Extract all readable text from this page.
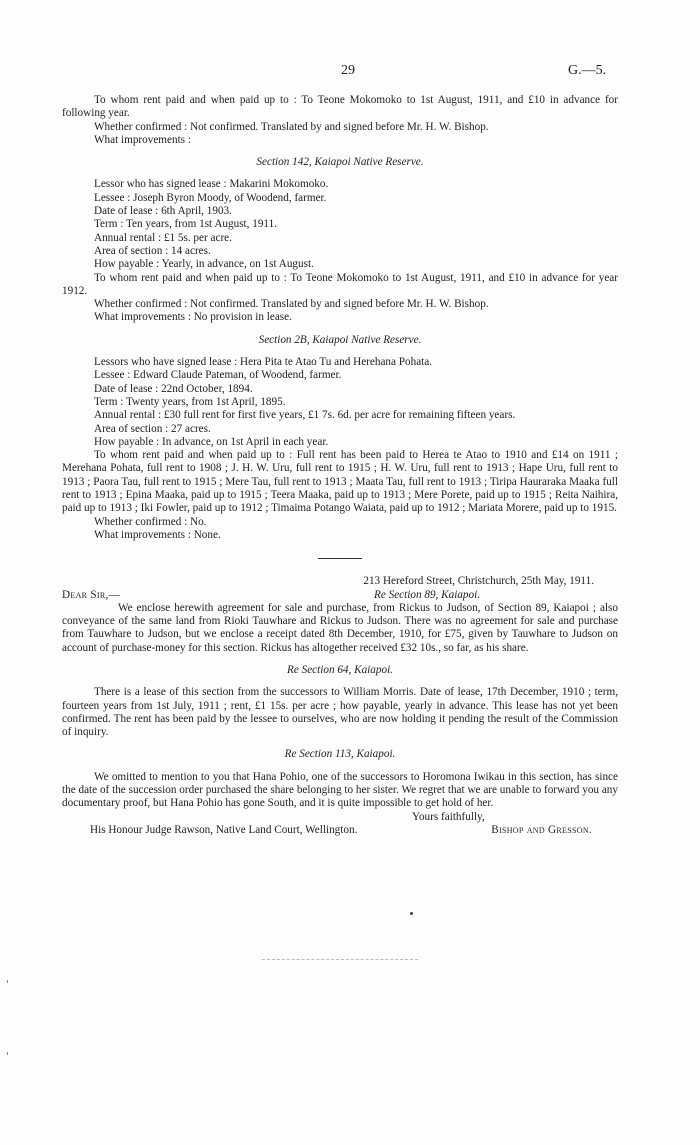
29	G.—5.

To whom rent paid and when paid up to : To Teone Mokomoko to 1st August, 1911, and £10 in advance for following year.

Whether confirmed : Not confirmed. Translated by and signed before Mr. H. W. Bishop.

What improvements :

Section 142, Kaiapoi Native Reserve.

Lessor who has signed lease : Makarini Mokomoko.

Lessee : Joseph Byron Moody, of Woodend, farmer.

Date of lease : 6th April, 1903.

Term : Ten years, from 1st August, 1911.

Annual rental : £1 5s. per acre.

Area of section : 14 acres.

How payable : Yearly, in advance, on 1st August.

To whom rent paid and when paid up to : To Teone Mokomoko to 1st August, 1911, and £10 in advance for year 1912.

Whether confirmed : Not confirmed. Translated by and signed before Mr. H. W. Bishop.

What improvements : No provision in lease.

Section 2B, Kaiapoi Native Reserve.

Lessors who have signed lease : Hera Pita te Atao Tu and Herehana Pohata.

Lessee : Edward Claude Pateman, of Woodend, farmer.

Date of lease : 22nd October, 1894.

Term : Twenty years, from 1st April, 1895.

Annual rental : £30 full rent for first five years, £1 7s. 6d. per acre for remaining fifteen years.

Area of section : 27 acres.

How payable : In advance, on 1st April in each year.

To whom rent paid and when paid up to : Full rent has been paid to Herea te Atao to 1910 and £14 on 1911 ; Merehana Pohata, full rent to 1908 ; J. H. W. Uru, full rent to 1915 ; H. W. Uru, full rent to 1913 ; Hape Uru, full rent to 1913 ; Paora Tau, full rent to 1915 ; Mere Tau, full rent to 1913 ; Maata Tau, full rent to 1913 ; Tiripa Hauraraka Maaka full rent to 1913 ; Epina Maaka, paid up to 1915 ; Teera Maaka, paid up to 1913 ; Mere Porete, paid up to 1915 ; Reita Naihira, paid up to 1913 ; Iki Fowler, paid up to 1912 ; Timaima Potango Waiata, paid up to 1912 ; Mariata Morere, paid up to 1915.

Whether confirmed : No.

What improvements : None.

213 Hereford Street, Christchurch, 25th May, 1911.

Dear Sir,—	Re Section 89, Kaiapoi.

We enclose herewith agreement for sale and purchase, from Rickus to Judson, of Section 89, Kaiapoi ; also conveyance of the same land from Rioki Tauwhare and Rickus to Judson. There was no agreement for sale and purchase from Tauwhare to Judson, but we enclose a receipt dated 8th December, 1910, for £75, given by Tauwhare to Judson on account of purchase-money for this section. Rickus has altogether received £32 10s., so far, as his share.

Re Section 64, Kaiapoi.

There is a lease of this section from the successors to William Morris. Date of lease, 17th December, 1910 ; term, fourteen years from 1st July, 1911 ; rent, £1 15s. per acre ; how payable, yearly in advance. This lease has not yet been confirmed. The rent has been paid by the lessee to ourselves, who are now holding it pending the result of the Commission of inquiry.

Re Section 113, Kaiapoi.

We omitted to mention to you that Hana Pohio, one of the successors to Horomona Iwikau in this section, has since the date of the succession order purchased the share belonging to her sister. We regret that we are unable to forward you any documentary proof, but Hana Pohio has gone South, and it is quite impossible to get hold of her.

Yours faithfully,

His Honour Judge Rawson, Native Land Court, Wellington.	Bishop and Gresson.
